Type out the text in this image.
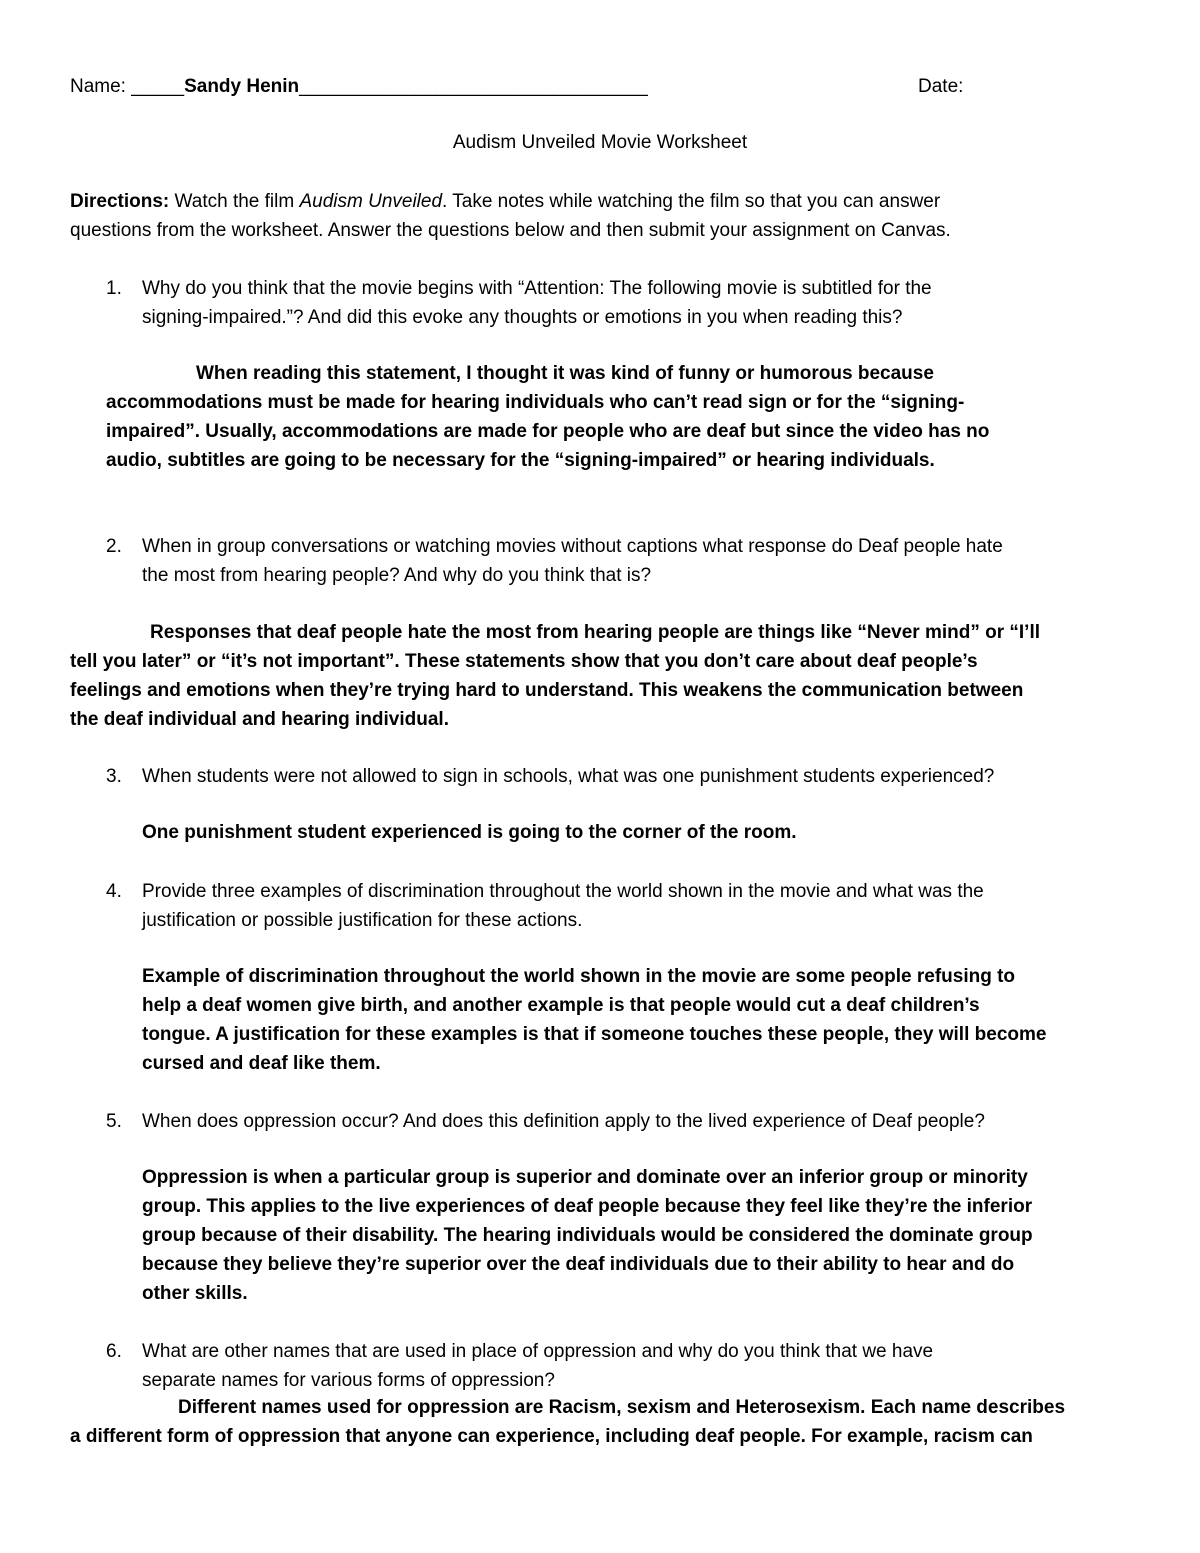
Name: _____Sandy Henin_________________________________	Date:
Audism Unveiled Movie Worksheet
Directions: Watch the film Audism Unveiled. Take notes while watching the film so that you can answer
questions from the worksheet. Answer the questions below and then submit your assignment on Canvas.
1. Why do you think that the movie begins with “Attention: The following movie is subtitled for the
signing-impaired.”? And did this evoke any thoughts or emotions in you when reading this?
When reading this statement, I thought it was kind of funny or humorous because
accommodations must be made for hearing individuals who can’t read sign or for the “signing-
impaired”. Usually, accommodations are made for people who are deaf but since the video has no
audio, subtitles are going to be necessary for the “signing-impaired” or hearing individuals.
2. When in group conversations or watching movies without captions what response do Deaf people hate
the most from hearing people? And why do you think that is?
Responses that deaf people hate the most from hearing people are things like “Never mind” or “I’ll
tell you later” or “it’s not important”. These statements show that you don’t care about deaf people’s
feelings and emotions when they’re trying hard to understand. This weakens the communication between
the deaf individual and hearing individual.
3. When students were not allowed to sign in schools, what was one punishment students experienced?
One punishment student experienced is going to the corner of the room.
4. Provide three examples of discrimination throughout the world shown in the movie and what was the
justification or possible justification for these actions.
Example of discrimination throughout the world shown in the movie are some people refusing to
help a deaf women give birth, and another example is that people would cut a deaf children’s
tongue. A justification for these examples is that if someone touches these people, they will become
cursed and deaf like them.
5. When does oppression occur? And does this definition apply to the lived experience of Deaf people?
Oppression is when a particular group is superior and dominate over an inferior group or minority
group. This applies to the live experiences of deaf people because they feel like they’re the inferior
group because of their disability. The hearing individuals would be considered the dominate group
because they believe they’re superior over the deaf individuals due to their ability to hear and do
other skills.
6. What are other names that are used in place of oppression and why do you think that we have
separate names for various forms of oppression?
Different names used for oppression are Racism, sexism and Heterosexism. Each name describes
a different form of oppression that anyone can experience, including deaf people. For example, racism can
